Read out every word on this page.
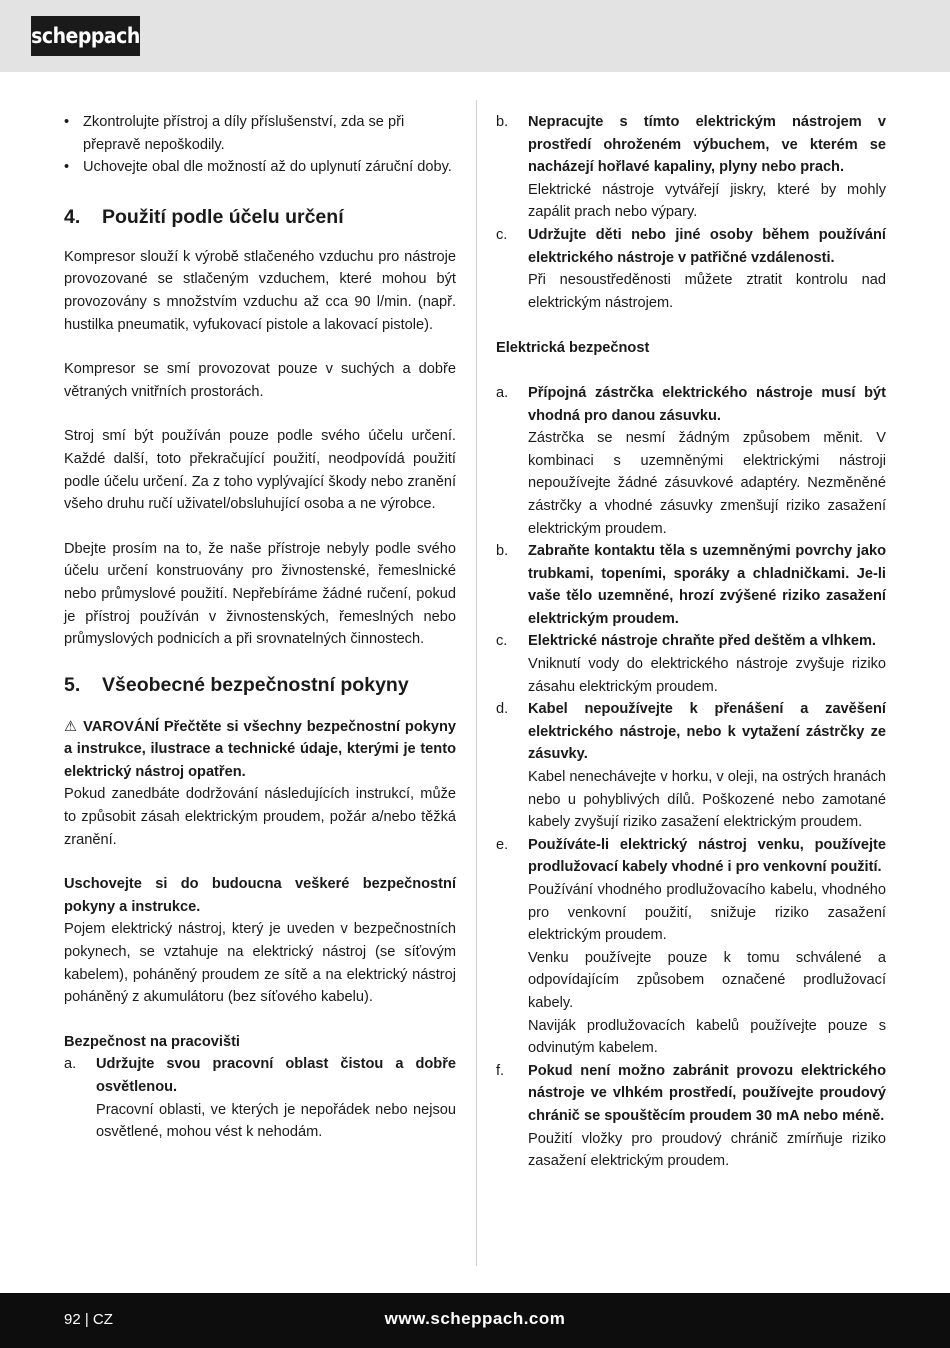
scheppach
• Zkontrolujte přístroj a díly příslušenství, zda se při přepravě nepoškodily.
• Uchovejte obal dle možností až do uplynutí záruční doby.
4.	Použití podle účelu určení

Kompresor slouží k výrobě stlačeného vzduchu pro nástroje provozované se stlačeným vzduchem, které mohou být provozovány s množstvím vzduchu až cca 90 l/min. (např. hustilka pneumatik, vyfukovací pistole a lakovací pistole).

Kompresor se smí provozovat pouze v suchých a dobře větraných vnitřních prostorách.

Stroj smí být používán pouze podle svého účelu určení. Každé další, toto překračující použití, neodpovídá použití podle účelu určení. Za z toho vyplývající škody nebo zranění všeho druhu ručí uživatel/obsluhující osoba a ne výrobce.

Dbejte prosím na to, že naše přístroje nebyly podle svého účelu určení konstruovány pro živnostenské, řemeslnické nebo průmyslové použití. Nepřebíráme žádné ručení, pokud je přístroj používán v živnostenských, řemeslných nebo průmyslových podnicích a při srovnatelných činnostech.

5.	Všeobecné bezpečnostní pokyny

⚠ VAROVÁNÍ Přečtěte si všechny bezpečnostní pokyny a instrukce, ilustrace a technické údaje, kterými je tento elektrický nástroj opatřen.

Pokud zanedbáte dodržování následujících instrukcí, může to způsobit zásah elektrickým proudem, požár a/nebo těžká zranění.

Uschovejte si do budoucna veškeré bezpečnostní pokyny a instrukce.

Pojem elektrický nástroj, který je uveden v bezpečnostních pokynech, se vztahuje na elektrický nástroj (se síťovým kabelem), poháněný proudem ze sítě a na elektrický nástroj poháněný z akumulátoru (bez síťového kabelu).

Bezpečnost na pracovišti

a.	Udržujte svou pracovní oblast čistou a dobře osvětlenou.

Pracovní oblasti, ve kterých je nepořádek nebo nejsou osvětlené, mohou vést k nehodám.

b.	Nepracujte s tímto elektrickým nástrojem v prostředí ohroženém výbuchem, ve kterém se nacházejí hořlavé kapaliny, plyny nebo prach.

Elektrické nástroje vytvářejí jiskry, které by mohly zapálit prach nebo výpary.

c.	Udržujte děti nebo jiné osoby během používání elektrického nástroje v patřičné vzdálenosti.

Při nesoustředěnosti můžete ztratit kontrolu nad elektrickým nástrojem.

Elektrická bezpečnost

a.	Přípojná zástrčka elektrického nástroje musí být vhodná pro danou zásuvku.

Zástrčka se nesmí žádným způsobem měnit. V kombinaci s uzemněnými elektrickými nástroji nepoužívejte žádné zásuvkové adaptéry. Nezměněné zástrčky a vhodné zásuvky zmenšují riziko zasažení elektrickým proudem.

b.	Zabraňte kontaktu těla s uzemněnými povrchy jako trubkami, topeními, sporáky a chladničkami. Je-li vaše tělo uzemněné, hrozí zvýšené riziko zasažení elektrickým proudem.

c.	Elektrické nástroje chraňte před deštěm a vlhkem.

Vniknutí vody do elektrického nástroje zvyšuje riziko zásahu elektrickým proudem.

d.	Kabel nepoužívejte k přenášení a zavěšení elektrického nástroje, nebo k vytažení zástrčky ze zásuvky.

Kabel nenechávejte v horku, v oleji, na ostrých hranách nebo u pohyblivých dílů. Poškozené nebo zamotané kabely zvyšují riziko zasažení elektrickým proudem.

e.	Používáte-li elektrický nástroj venku, používejte prodlužovací kabely vhodné i pro venkovní použití.

Používání vhodného prodlužovacího kabelu, vhodného pro venkovní použití, snižuje riziko zasažení elektrickým proudem.

Venku používejte pouze k tomu schválené a odpovídajícím způsobem označené prodlužovací kabely.

Naviják prodlužovacích kabelů používejte pouze s odvinutým kabelem.

f.	Pokud není možno zabránit provozu elektrického nástroje ve vlhkém prostředí, používejte proudový chránič se spouštěcím proudem 30 mA nebo méně.

Použití vložky pro proudový chránič zmírňuje riziko zasažení elektrickým proudem.

92 | CZ	www.scheppach.com
